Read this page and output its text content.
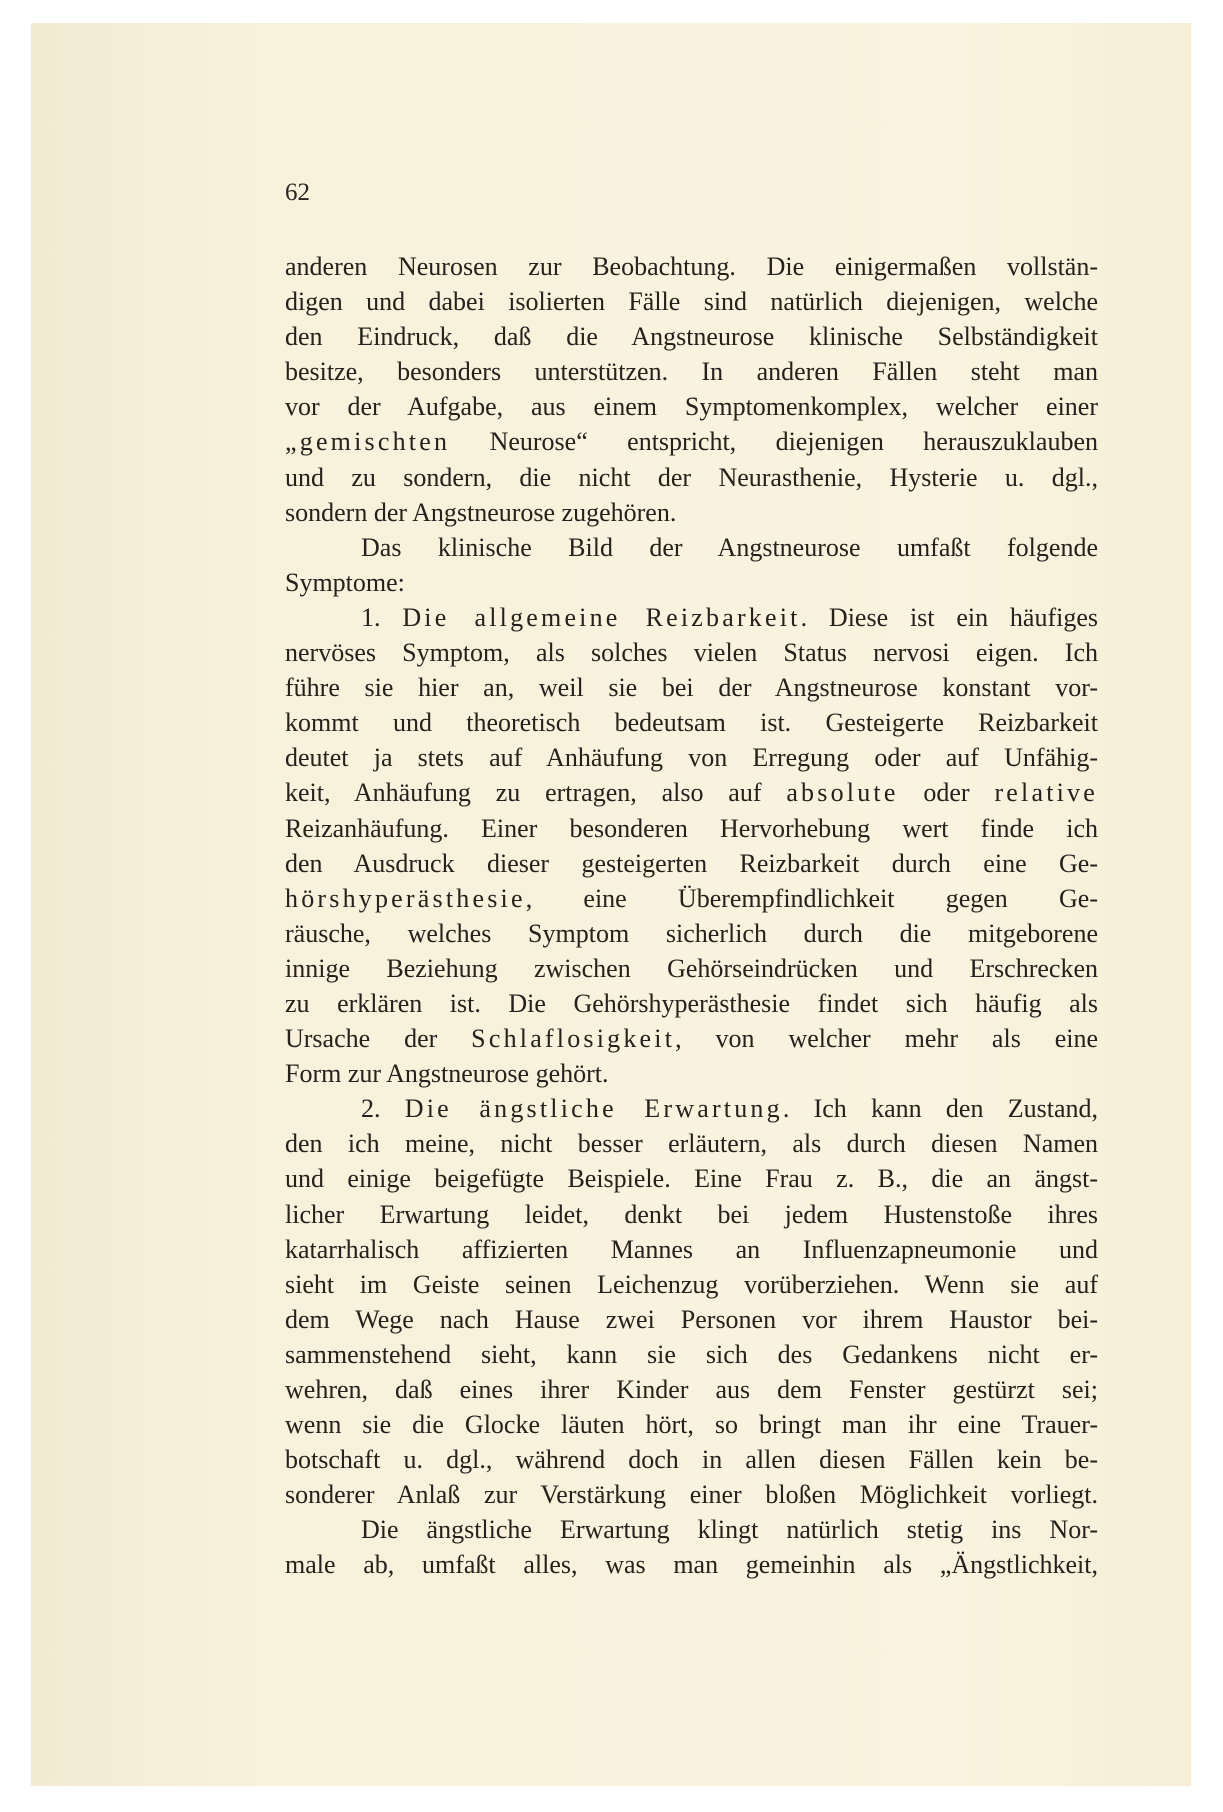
62
anderen Neurosen zur Beobachtung. Die einigermaßen vollstän-
digen und dabei isolierten Fälle sind natürlich diejenigen, welche
den Eindruck, daß die Angstneurose klinische Selbständigkeit
besitze, besonders unterstützen. In anderen Fällen steht man
vor der Aufgabe, aus einem Symptomenkomplex, welcher einer
„gemischten Neurose“ entspricht, diejenigen herauszuklauben
und zu sondern, die nicht der Neurasthenie, Hysterie u. dgl.,
sondern der Angstneurose zugehören.
Das klinische Bild der Angstneurose umfaßt folgende
Symptome:
1. Die allgemeine Reizbarkeit. Diese ist ein häufiges
nervöses Symptom, als solches vielen Status nervosi eigen. Ich
führe sie hier an, weil sie bei der Angstneurose konstant vor-
kommt und theoretisch bedeutsam ist. Gesteigerte Reizbarkeit
deutet ja stets auf Anhäufung von Erregung oder auf Unfähig-
keit, Anhäufung zu ertragen, also auf absolute oder relative
Reizanhäufung. Einer besonderen Hervorhebung wert finde ich
den Ausdruck dieser gesteigerten Reizbarkeit durch eine Ge-
hörshyperästhesie, eine Überempfindlichkeit gegen Ge-
räusche, welches Symptom sicherlich durch die mitgeborene
innige Beziehung zwischen Gehörseindrücken und Erschrecken
zu erklären ist. Die Gehörshyperästhesie findet sich häufig als
Ursache der Schlaflosigkeit, von welcher mehr als eine
Form zur Angstneurose gehört.
2. Die ängstliche Erwartung. Ich kann den Zustand,
den ich meine, nicht besser erläutern, als durch diesen Namen
und einige beigefügte Beispiele. Eine Frau z. B., die an ängst-
licher Erwartung leidet, denkt bei jedem Hustenstoße ihres
katarrhalisch affizierten Mannes an Influenzapneumonie und
sieht im Geiste seinen Leichenzug vorüberziehen. Wenn sie auf
dem Wege nach Hause zwei Personen vor ihrem Haustor bei-
sammenstehend sieht, kann sie sich des Gedankens nicht er-
wehren, daß eines ihrer Kinder aus dem Fenster gestürzt sei;
wenn sie die Glocke läuten hört, so bringt man ihr eine Trauer-
botschaft u. dgl., während doch in allen diesen Fällen kein be-
sonderer Anlaß zur Verstärkung einer bloßen Möglichkeit vorliegt.
Die ängstliche Erwartung klingt natürlich stetig ins Nor-
male ab, umfaßt alles, was man gemeinhin als „Ängstlichkeit,
